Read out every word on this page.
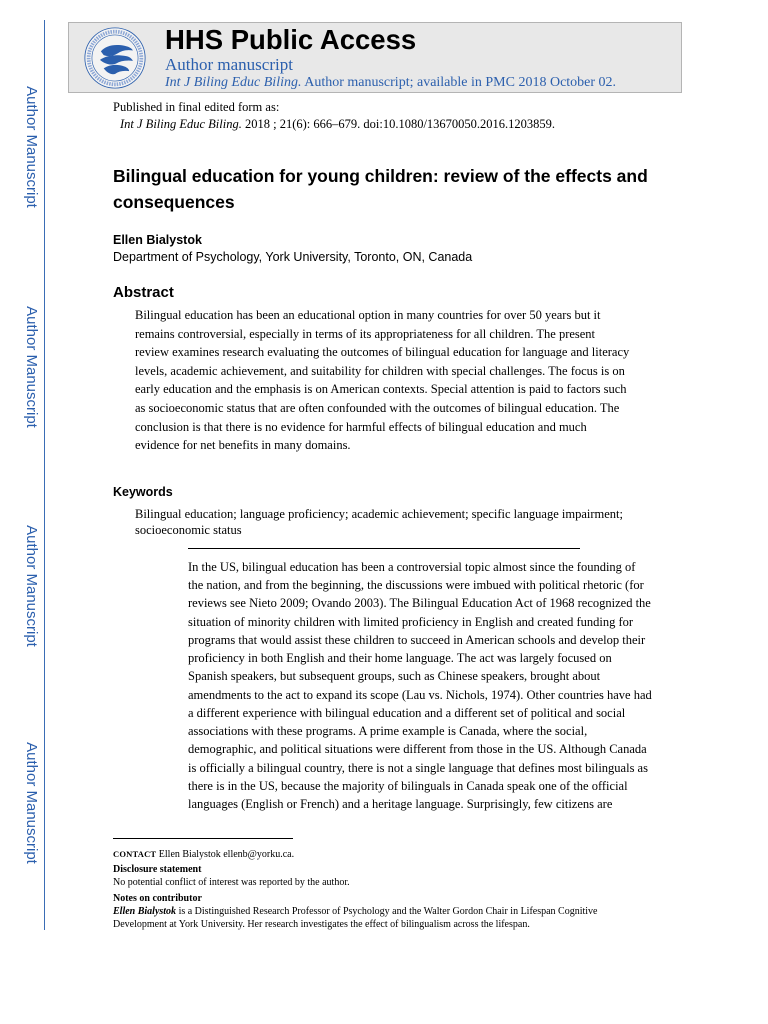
Author Manuscript
Author Manuscript
Author Manuscript
Author Manuscript
HHS Public Access
Author manuscript
Int J Biling Educ Biling. Author manuscript; available in PMC 2018 October 02.
Published in final edited form as:
Int J Biling Educ Biling. 2018 ; 21(6): 666–679. doi:10.1080/13670050.2016.1203859.
Bilingual education for young children: review of the effects and consequences
Ellen Bialystok
Department of Psychology, York University, Toronto, ON, Canada
Abstract
Bilingual education has been an educational option in many countries for over 50 years but it
remains controversial, especially in terms of its appropriateness for all children. The present
review examines research evaluating the outcomes of bilingual education for language and literacy
levels, academic achievement, and suitability for children with special challenges. The focus is on
early education and the emphasis is on American contexts. Special attention is paid to factors such
as socioeconomic status that are often confounded with the outcomes of bilingual education. The
conclusion is that there is no evidence for harmful effects of bilingual education and much
evidence for net benefits in many domains.
Keywords
Bilingual education; language proficiency; academic achievement; specific language impairment; socioeconomic status
In the US, bilingual education has been a controversial topic almost since the founding of
the nation, and from the beginning, the discussions were imbued with political rhetoric (for
reviews see Nieto 2009; Ovando 2003). The Bilingual Education Act of 1968 recognized the
situation of minority children with limited proficiency in English and created funding for
programs that would assist these children to succeed in American schools and develop their
proficiency in both English and their home language. The act was largely focused on
Spanish speakers, but subsequent groups, such as Chinese speakers, brought about
amendments to the act to expand its scope (Lau vs. Nichols, 1974). Other countries have had
a different experience with bilingual education and a different set of political and social
associations with these programs. A prime example is Canada, where the social,
demographic, and political situations were different from those in the US. Although Canada
is officially a bilingual country, there is not a single language that defines most bilinguals as
there is in the US, because the majority of bilinguals in Canada speak one of the official
languages (English or French) and a heritage language. Surprisingly, few citizens are
CONTACT Ellen Bialystok ellenb@yorku.ca.
Disclosure statement
No potential conflict of interest was reported by the author.
Notes on contributor
Ellen Bialystok is a Distinguished Research Professor of Psychology and the Walter Gordon Chair in Lifespan Cognitive
Development at York University. Her research investigates the effect of bilingualism across the lifespan.
